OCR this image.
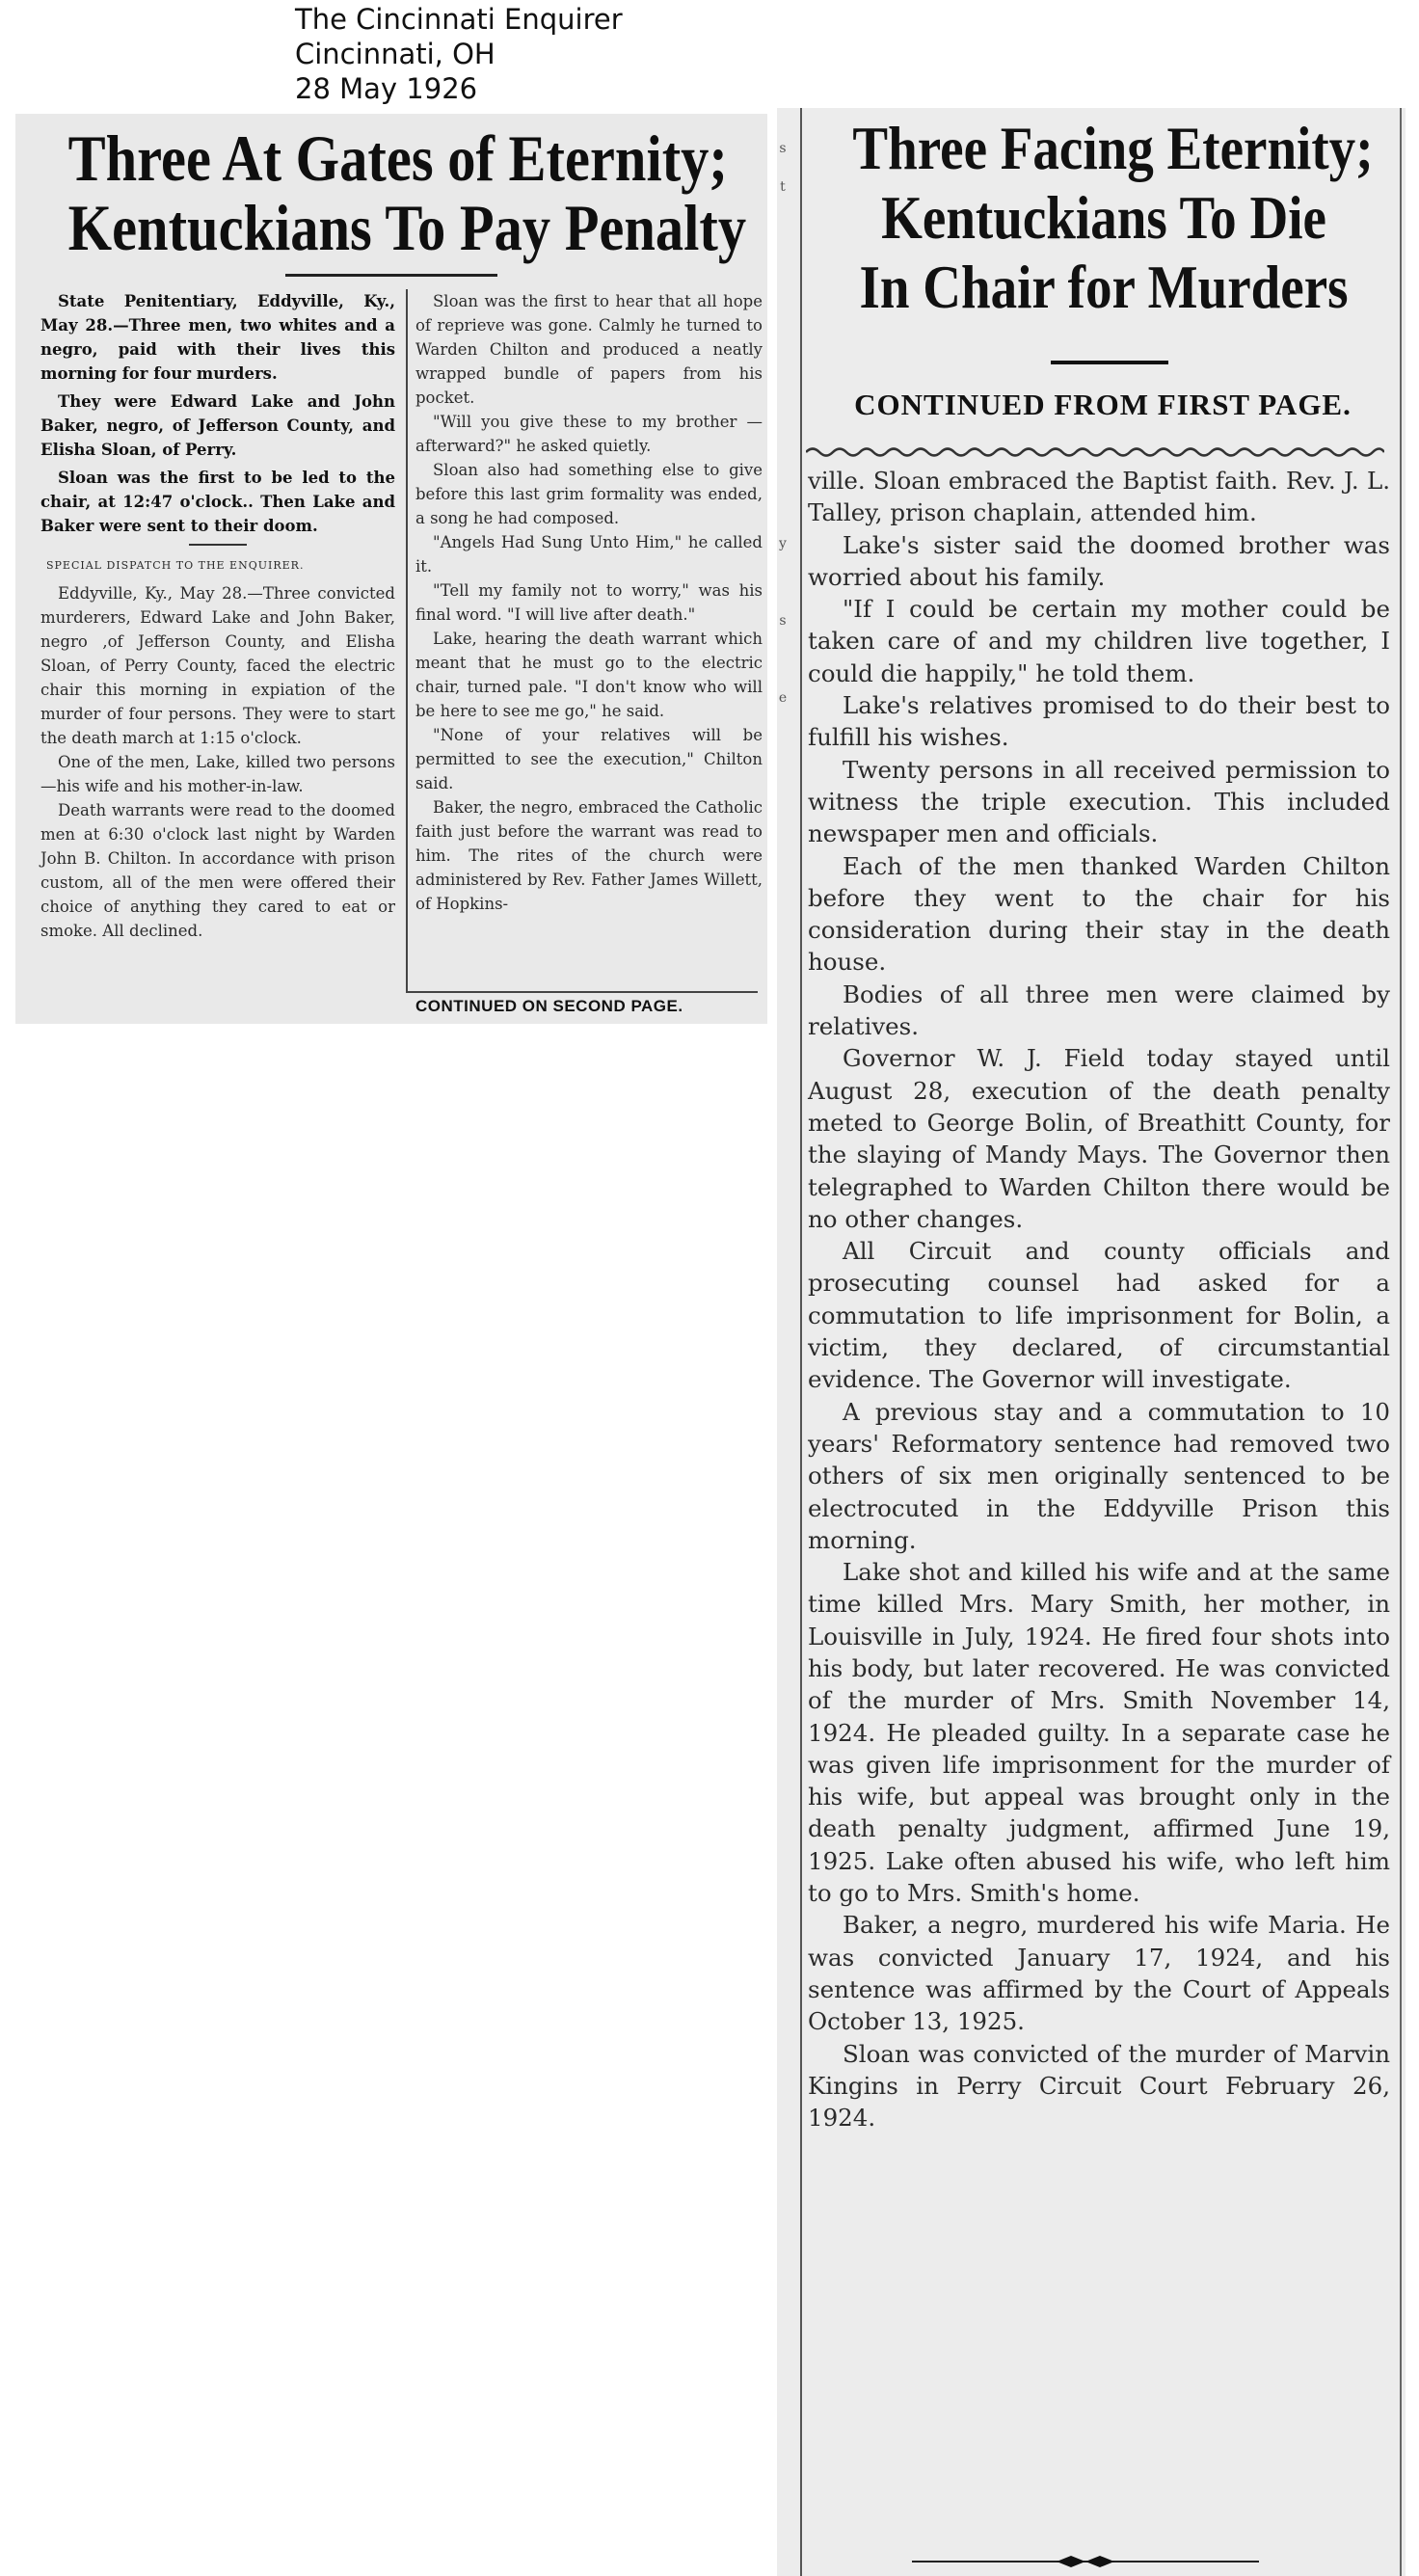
The Cincinnati Enquirer
Cincinnati, OH
28 May 1926
Three At Gates of Eternity;
Kentuckians To Pay Penalty

State Penitentiary, Eddyville, Ky., May 28.—Three men, two whites and a negro, paid with their lives this morning for four murders.

They were Edward Lake and John Baker, negro, of Jefferson County, and Elisha Sloan, of Perry.

Sloan was the first to be led to the chair, at 12:47 o'clock.. Then Lake and Baker were sent to their doom.

SPECIAL DISPATCH TO THE ENQUIRER.

Eddyville, Ky., May 28.—Three convicted murderers, Edward Lake and John Baker, negro ,of Jefferson County, and Elisha Sloan, of Perry County, faced the electric chair this morning in expiation of the murder of four persons. They were to start the death march at 1:15 o'clock.

One of the men, Lake, killed two persons—his wife and his mother-in-law.

Death warrants were read to the doomed men at 6:30 o'clock last night by Warden John B. Chilton. In accordance with prison custom, all of the men were offered their choice of anything they cared to eat or smoke. All declined.

Sloan was the first to hear that all hope of reprieve was gone. Calmly he turned to Warden Chilton and produced a neatly wrapped bundle of papers from his pocket.

"Will you give these to my brother —afterward?" he asked quietly.

Sloan also had something else to give before this last grim formality was ended, a song he had composed.

"Angels Had Sung Unto Him," he called it.

"Tell my family not to worry," was his final word. "I will live after death."

Lake, hearing the death warrant which meant that he must go to the electric chair, turned pale. "I don't know who will be here to see me go," he said.

"None of your relatives will be permitted to see the execution," Chilton said.

Baker, the negro, embraced the Catholic faith just before the warrant was read to him. The rites of the church were administered by Rev. Father James Willett, of Hopkins-

CONTINUED ON SECOND PAGE.
s
t
y
s
e
Three Facing Eternity;
Kentuckians To Die
In Chair for Murders
CONTINUED FROM FIRST PAGE.

ville. Sloan embraced the Baptist faith. Rev. J. L. Talley, prison chaplain, attended him.

Lake's sister said the doomed brother was worried about his family.

"If I could be certain my mother could be taken care of and my children live together, I could die happily," he told them.

Lake's relatives promised to do their best to fulfill his wishes.

Twenty persons in all received permission to witness the triple execution. This included newspaper men and officials.

Each of the men thanked Warden Chilton before they went to the chair for his consideration during their stay in the death house.

Bodies of all three men were claimed by relatives.

Governor W. J. Field today stayed until August 28, execution of the death penalty meted to George Bolin, of Breathitt County, for the slaying of Mandy Mays. The Governor then telegraphed to Warden Chilton there would be no other changes.

All Circuit and county officials and prosecuting counsel had asked for a commutation to life imprisonment for Bolin, a victim, they declared, of circumstantial evidence. The Governor will investigate.

A previous stay and a commutation to 10 years' Reformatory sentence had removed two others of six men originally sentenced to be electrocuted in the Eddyville Prison this morning.

Lake shot and killed his wife and at the same time killed Mrs. Mary Smith, her mother, in Louisville in July, 1924. He fired four shots into his body, but later recovered. He was convicted of the murder of Mrs. Smith November 14, 1924. He pleaded guilty. In a separate case he was given life imprisonment for the murder of his wife, but appeal was brought only in the death penalty judgment, affirmed June 19, 1925. Lake often abused his wife, who left him to go to Mrs. Smith's home.

Baker, a negro, murdered his wife Maria. He was convicted January 17, 1924, and his sentence was affirmed by the Court of Appeals October 13, 1925.

Sloan was convicted of the murder of Marvin Kingins in Perry Circuit Court February 26, 1924.
